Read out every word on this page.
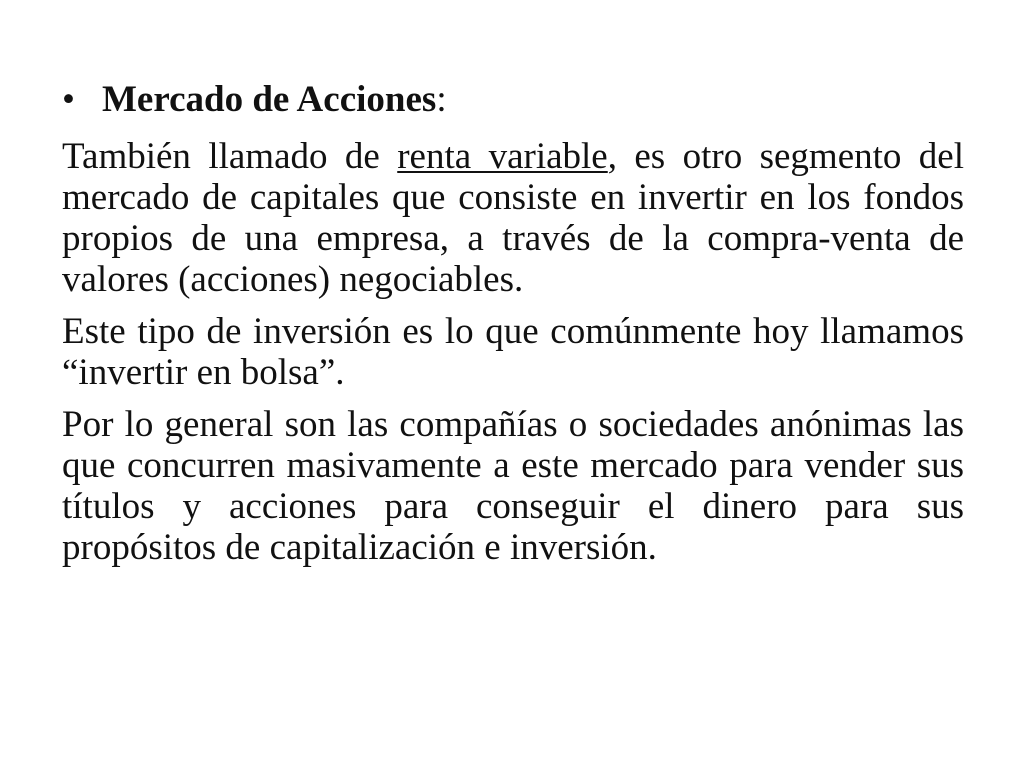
• Mercado de Acciones:

También llamado de renta variable, es otro segmento del mercado de capitales que consiste en invertir en los fondos propios de una empresa, a través de la compra-venta de valores (acciones) negociables.

Este tipo de inversión es lo que comúnmente hoy llamamos “invertir en bolsa”.

Por lo general son las compañías o sociedades anónimas las que concurren masivamente a este mercado para vender sus títulos y acciones para conseguir el dinero para sus propósitos de capitalización e inversión.
